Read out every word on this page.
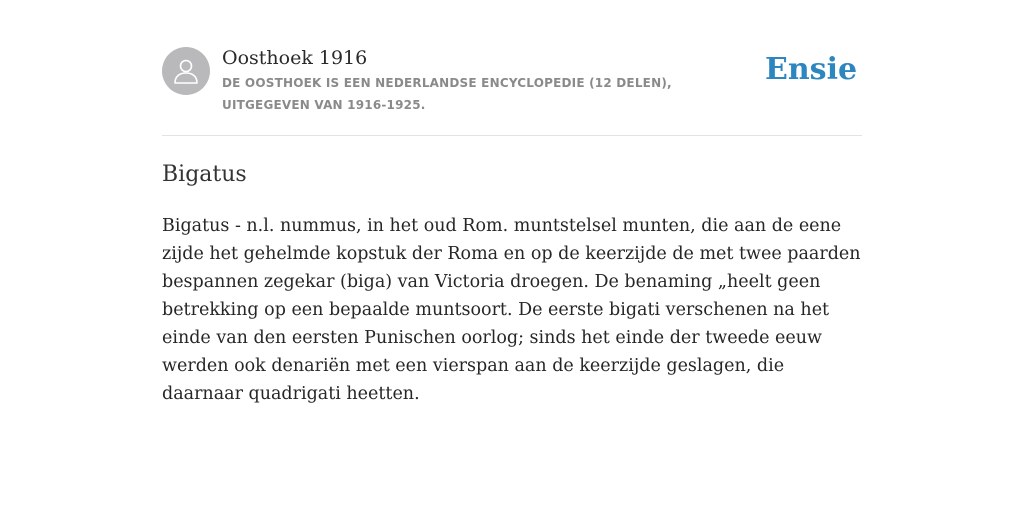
Oosthoek 1916
DE OOSTHOEK IS EEN NEDERLANDSE ENCYCLOPEDIE (12 DELEN), UITGEGEVEN VAN 1916-1925.
Ensie
Bigatus

Bigatus - n.l. nummus, in het oud Rom. muntstelsel munten, die aan de eene zijde het gehelmde kopstuk der Roma en op de keerzijde de met twee paarden bespannen zegekar (biga) van Victoria droegen. De benaming „heelt geen betrekking op een bepaalde muntsoort. De eerste bigati verschenen na het einde van den eersten Punischen oorlog; sinds het einde der tweede eeuw werden ook denariën met een vierspan aan de keerzijde geslagen, die daarnaar quadrigati heetten.
